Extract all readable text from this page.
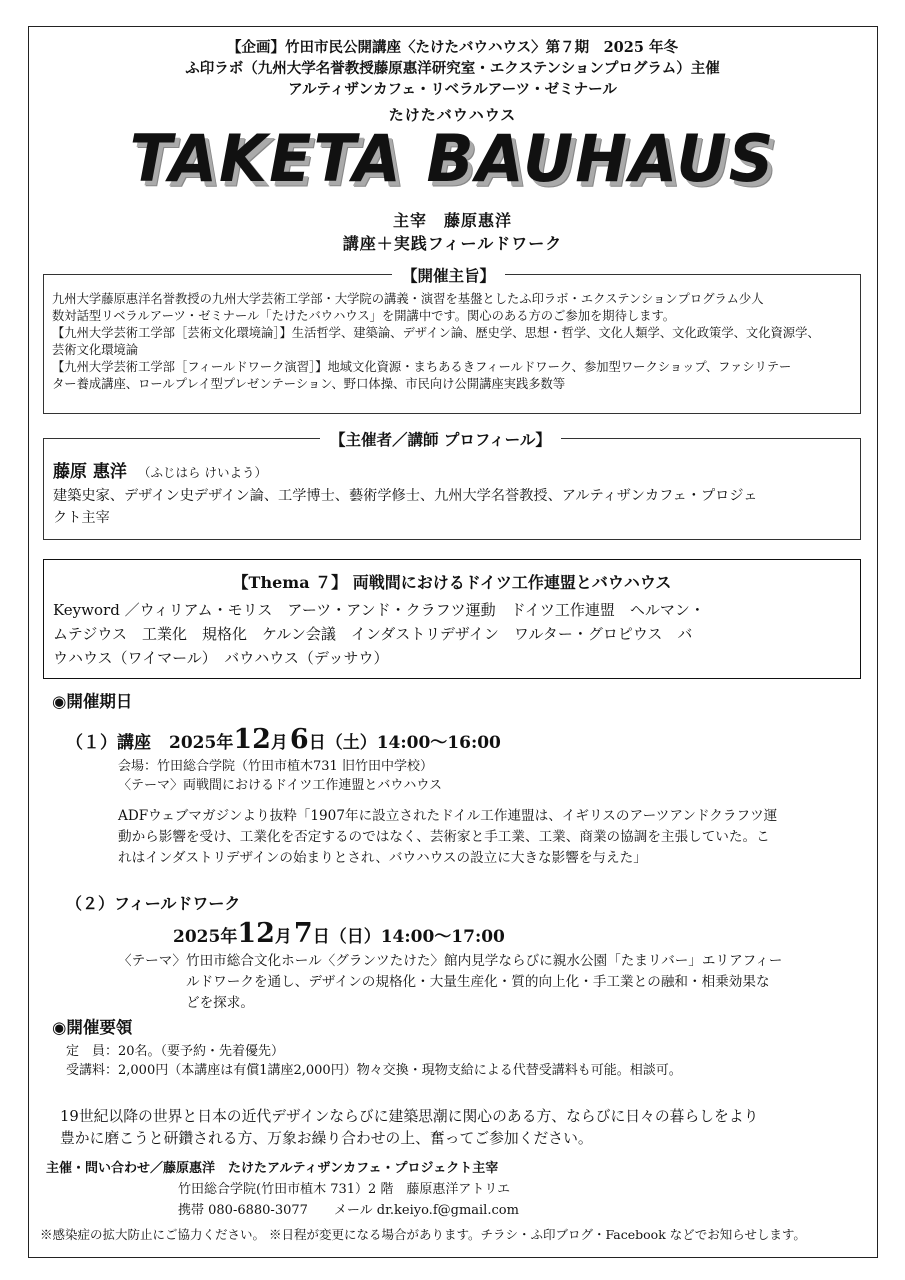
【企画】竹田市民公開講座〈たけたバウハウス〉第７期　2025 年冬
ふ印ラボ（九州大学名誉教授藤原惠洋研究室・エクステンションプログラム）主催
アルティザンカフェ・リベラルアーツ・ゼミナール
たけたバウハウス
TAKETA BAUHAUS
主宰　藤原惠洋
講座＋実践フィールドワーク
【開催主旨】
九州大学藤原惠洋名誉教授の九州大学芸術工学部・大学院の講義・演習を基盤としたふ印ラボ・エクステンションプログラム少人
数対話型リベラルアーツ・ゼミナール「たけたバウハウス」を開講中です。関心のある方のご参加を期待します。
【九州大学芸術工学部［芸術文化環境論］】生活哲学、建築論、デザイン論、歴史学、思想・哲学、文化人類学、文化政策学、文化資源学、
芸術文化環境論
【九州大学芸術工学部［フィールドワーク演習］】地域文化資源・まちあるきフィールドワーク、参加型ワークショップ、ファシリテー
ター養成講座、ロールプレイ型プレゼンテーション、野口体操、市民向け公開講座実践多数等
【主催者／講師 プロフィール】
藤原 惠洋 （ふじはら けいよう）
建築史家、デザイン史デザイン論、工学博士、藝術学修士、九州大学名誉教授、アルティザンカフェ・プロジェ
クト主宰
【Thema ７】 両戦間におけるドイツ工作連盟とバウハウス
Keyword ／ウィリアム・モリス　アーツ・アンド・クラフツ運動　ドイツ工作連盟　ヘルマン・
ムテジウス　工業化　規格化　ケルン会議　インダストリデザイン　ワルター・グロピウス　バ
ウハウス（ワイマール）　バウハウス（デッサウ）
◉開催期日
（１）講座 2025年12月6日（土）14:00〜16:00
会場：竹田総合学院（竹田市植木731 旧竹田中学校）
〈テーマ〉両戦間におけるドイツ工作連盟とバウハウス
ADFウェブマガジンより抜粋「1907年に設立されたドイル工作連盟は、イギリスのアーツアンドクラフツ運
動から影響を受け、工業化を否定するのではなく、芸術家と手工業、工業、商業の協調を主張していた。こ
れはインダストリデザインの始まりとされ、バウハウスの設立に大きな影響を与えた」
（２）フィールドワーク
2025年12月7日（日）14:00〜17:00
〈テーマ〉 竹田市総合文化ホール〈グランツたけた〉館内見学ならびに親水公園「たまリバー」エリアフィー
ルドワークを通し、デザインの規格化・大量生産化・質的向上化・手工業との融和・相乗効果な
どを探求。
◉開催要領
定　員：20名。（要予約・先着優先）
受講料：2,000円（本講座は有償1講座2,000円）物々交換・現物支給による代替受講料も可能。相談可。
19世紀以降の世界と日本の近代デザインならびに建築思潮に関心のある方、ならびに日々の暮らしをより
豊かに磨こうと研鑽される方、万象お繰り合わせの上、奮ってご参加ください。
主催・問い合わせ／藤原惠洋　たけたアルティザンカフェ・プロジェクト主宰
竹田総合学院(竹田市植木 731）2 階　藤原惠洋アトリエ
携帯 080-6880-3077　　メール dr.keiyo.f@gmail.com
※感染症の拡大防止にご協力ください。 ※日程が変更になる場合があります。チラシ・ふ印ブログ・Facebook などでお知らせします。
